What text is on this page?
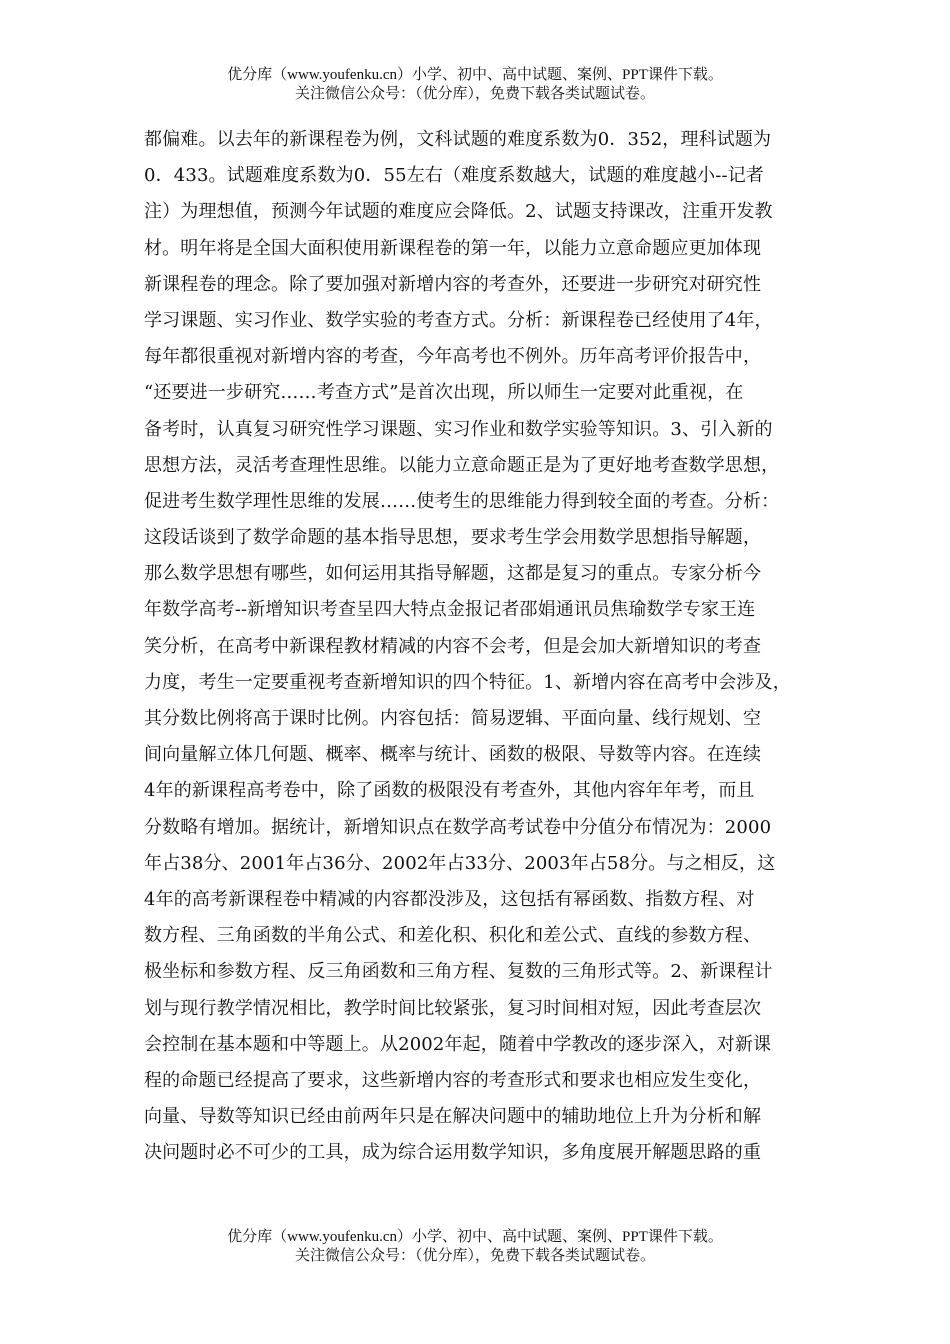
优分库（www.youfenku.cn）小学、初中、高中试题、案例、PPT课件下载。
关注微信公众号：（优分库），免费下载各类试题试卷。
都偏难。以去年的新课程卷为例，文科试题的难度系数为0．352，理科试题为
0．433。试题难度系数为0．55左右（难度系数越大，试题的难度越小--记者
注）为理想值，预测今年试题的难度应会降低。2、试题支持课改，注重开发教
材。明年将是全国大面积使用新课程卷的第一年，以能力立意命题应更加体现
新课程卷的理念。除了要加强对新增内容的考查外，还要进一步研究对研究性
学习课题、实习作业、数学实验的考查方式。分析：新课程卷已经使用了4年，
每年都很重视对新增内容的考查，今年高考也不例外。历年高考评价报告中，
“还要进一步研究……考查方式”是首次出现，所以师生一定要对此重视，在
备考时，认真复习研究性学习课题、实习作业和数学实验等知识。3、引入新的
思想方法，灵活考查理性思维。以能力立意命题正是为了更好地考查数学思想，
促进考生数学理性思维的发展……使考生的思维能力得到较全面的考查。分析：
这段话谈到了数学命题的基本指导思想，要求考生学会用数学思想指导解题，
那么数学思想有哪些，如何运用其指导解题，这都是复习的重点。专家分析今
年数学高考--新增知识考查呈四大特点金报记者邵娟通讯员焦瑜数学专家王连
笑分析，在高考中新课程教材精减的内容不会考，但是会加大新增知识的考查
力度，考生一定要重视考查新增知识的四个特征。1、新增内容在高考中会涉及，
其分数比例将高于课时比例。内容包括：简易逻辑、平面向量、线行规划、空
间向量解立体几何题、概率、概率与统计、函数的极限、导数等内容。在连续
4年的新课程高考卷中，除了函数的极限没有考查外，其他内容年年考，而且
分数略有增加。据统计，新增知识点在数学高考试卷中分值分布情况为：2000
年占38分、2001年占36分、2002年占33分、2003年占58分。与之相反，这
4年的高考新课程卷中精减的内容都没涉及，这包括有幂函数、指数方程、对
数方程、三角函数的半角公式、和差化积、积化和差公式、直线的参数方程、
极坐标和参数方程、反三角函数和三角方程、复数的三角形式等。2、新课程计
划与现行教学情况相比，教学时间比较紧张，复习时间相对短，因此考查层次
会控制在基本题和中等题上。从2002年起，随着中学教改的逐步深入，对新课
程的命题已经提高了要求，这些新增内容的考查形式和要求也相应发生变化，
向量、导数等知识已经由前两年只是在解决问题中的辅助地位上升为分析和解
决问题时必不可少的工具，成为综合运用数学知识，多角度展开解题思路的重
优分库（www.youfenku.cn）小学、初中、高中试题、案例、PPT课件下载。
关注微信公众号：（优分库），免费下载各类试题试卷。
